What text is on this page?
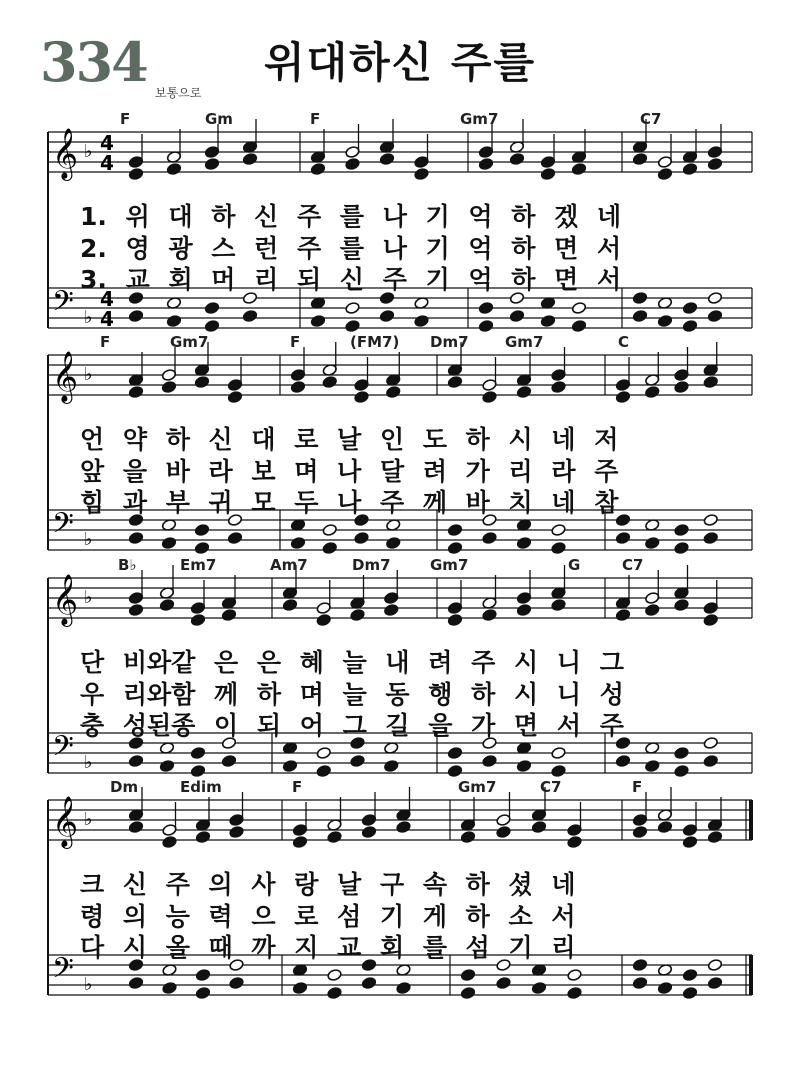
334 보통으로
위대하신 주를
𝄞
𝄢
♭
♭
4
4
4
4
𝄞
𝄢
♭
♭
𝄞
𝄢
♭
♭
𝄞
𝄢
♭
♭
F	Gm	F	Gm7	C7
1. 위 대 하 신 주 를 나 기 억 하 겠 네
2. 영 광 스 런 주 를 나 기 억 하 면 서
3. 교 회 머 리 되 신 주 기 억 하 면 서
F	Gm7	F	(FM7) Dm7 Gm7	C
언 약 하 신 대 로 날 인 도 하 시 네 저
앞 을 바 라 보 며 나 달 려 가 리 라 주
힘 과 부 귀 모 두 나 주 께 바 치 네 참
B♭	Em7	Am7	Dm7	Gm7	G	C7
단 비와같 은 은 혜 늘 내 려 주 시 니 그
우 리와함 께 하 며 늘 동 행 하 시 니 성
충 성된종 이 되 어 그 길 을 가 면 서 주
Dm	Edim	F	Gm7	C7	F
크 신 주 의 사 랑 날 구 속 하 셨 네
령 의 능 력 으 로 섬 기 게 하 소 서
다 시 올 때 까 지 교 회 를 섬 기 리
